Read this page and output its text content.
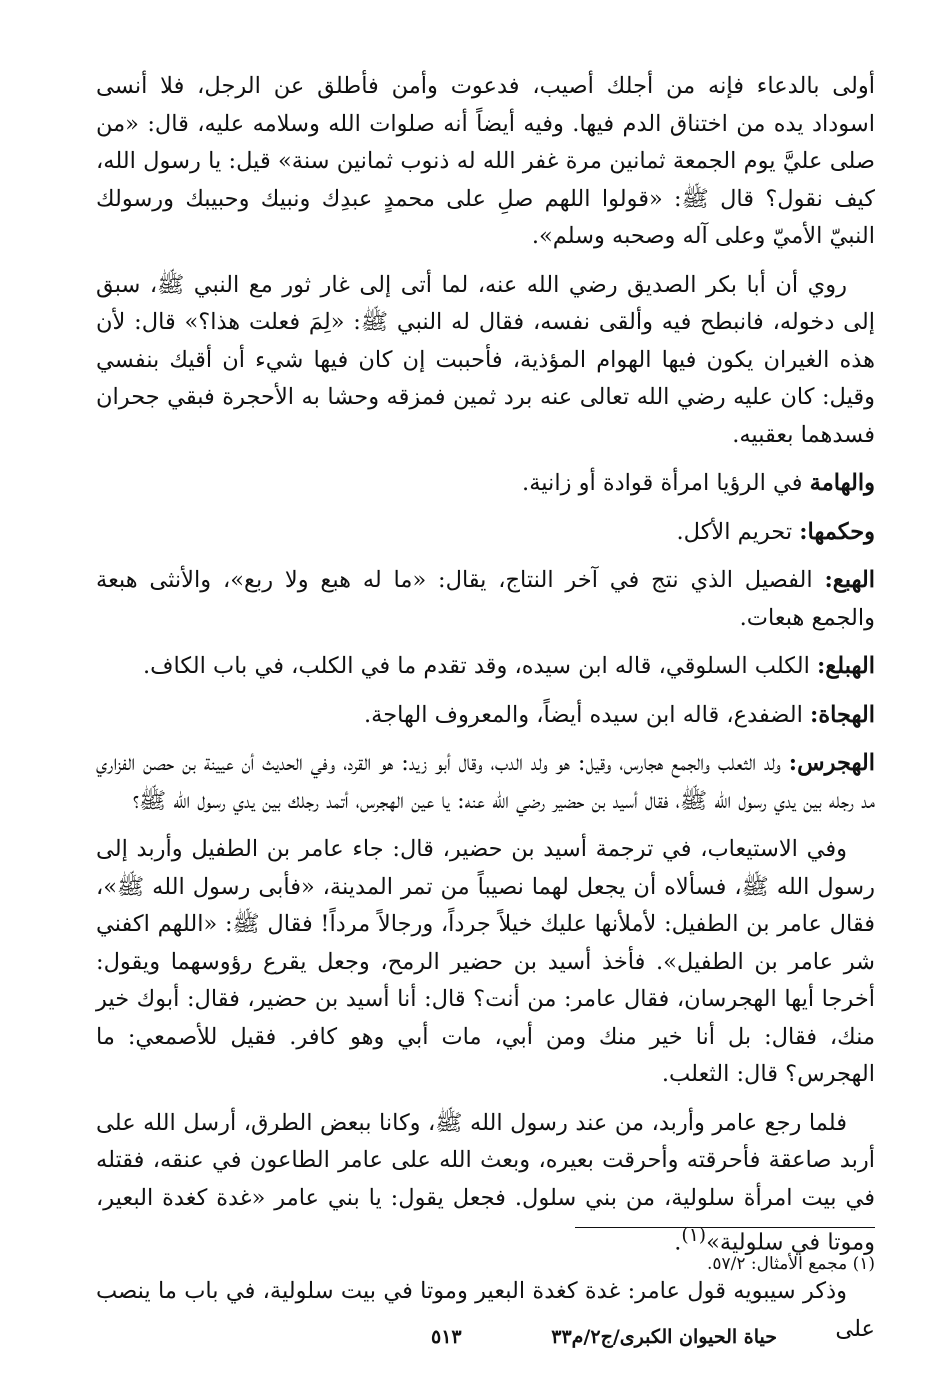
أولى بالدعاء فإنه من أجلك أصيب، فدعوت وأمن فأطلق عن الرجل، فلا أنسى اسوداد يده من اختناق الدم فيها. وفيه أيضاً أنه صلوات الله وسلامه عليه، قال: «من صلى عليَّ يوم الجمعة ثمانين مرة غفر الله له ذنوب ثمانين سنة» قيل: يا رسول الله، كيف نقول؟ قال ﷺ: «قولوا اللهم صلِ على محمدٍ عبدِك ونبيك وحبيبك ورسولك النبيّ الأميّ وعلى آله وصحبه وسلم».

روي أن أبا بكر الصديق رضي الله عنه، لما أتى إلى غار ثور مع النبي ﷺ، سبق إلى دخوله، فانبطح فيه وألقى نفسه، فقال له النبي ﷺ: «لِمَ فعلت هذا؟» قال: لأن هذه الغيران يكون فيها الهوام المؤذية، فأحببت إن كان فيها شيء أن أقيك بنفسي وقيل: كان عليه رضي الله تعالى عنه برد ثمين فمزقه وحشا به الأحجرة فبقي جحران فسدهما بعقبيه.

والهامة في الرؤيا امرأة قوادة أو زانية.

وحكمها: تحريم الأكل.

الهبع: الفصيل الذي نتج في آخر النتاج، يقال: «ما له هبع ولا ربع»، والأنثى هبعة والجمع هبعات.

الهبلع: الكلب السلوقي، قاله ابن سيده، وقد تقدم ما في الكلب، في باب الكاف.

الهجاة: الضفدع، قاله ابن سيده أيضاً، والمعروف الهاجة.

الهجرس: ولد الثعلب والجمع هجارس، وقيل: هو ولد الدب، وقال أبو زيد: هو القرد، وفي الحديث أن عيينة بن حصن الفزاري مد رجله بين يدي رسول الله ﷺ، فقال أسيد بن حضير رضي الله عنه: يا عين الهجرس، أتمد رجلك بين يدي رسول الله ﷺ؟

وفي الاستيعاب، في ترجمة أسيد بن حضير، قال: جاء عامر بن الطفيل وأربد إلى رسول الله ﷺ، فسألاه أن يجعل لهما نصيباً من تمر المدينة، «فأبى رسول الله ﷺ»، فقال عامر بن الطفيل: لأملأنها عليك خيلاً جرداً، ورجالاً مرداً! فقال ﷺ: «اللهم اكفني شر عامر بن الطفيل». فأخذ أسيد بن حضير الرمح، وجعل يقرع رؤوسهما ويقول: أخرجا أيها الهجرسان، فقال عامر: من أنت؟ قال: أنا أسيد بن حضير، فقال: أبوك خير منك، فقال: بل أنا خير منك ومن أبي، مات أبي وهو كافر. فقيل للأصمعي: ما الهجرس؟ قال: الثعلب.

فلما رجع عامر وأربد، من عند رسول الله ﷺ، وكانا ببعض الطرق، أرسل الله على أربد صاعقة فأحرقته وأحرقت بعيره، وبعث الله على عامر الطاعون في عنقه، فقتله في بيت امرأة سلولية، من بني سلول. فجعل يقول: يا بني عامر «غدة كغدة البعير، وموتا في سلولية»$^{(١)}$.

وذكر سيبويه قول عامر: غدة كغدة البعير وموتا في بيت سلولية، في باب ما ينصب على

(١) مجمع الأمثال: ٥٧/٢.
٥١٣	حياة الحيوان الكبرى/ج٢/م٣٣
